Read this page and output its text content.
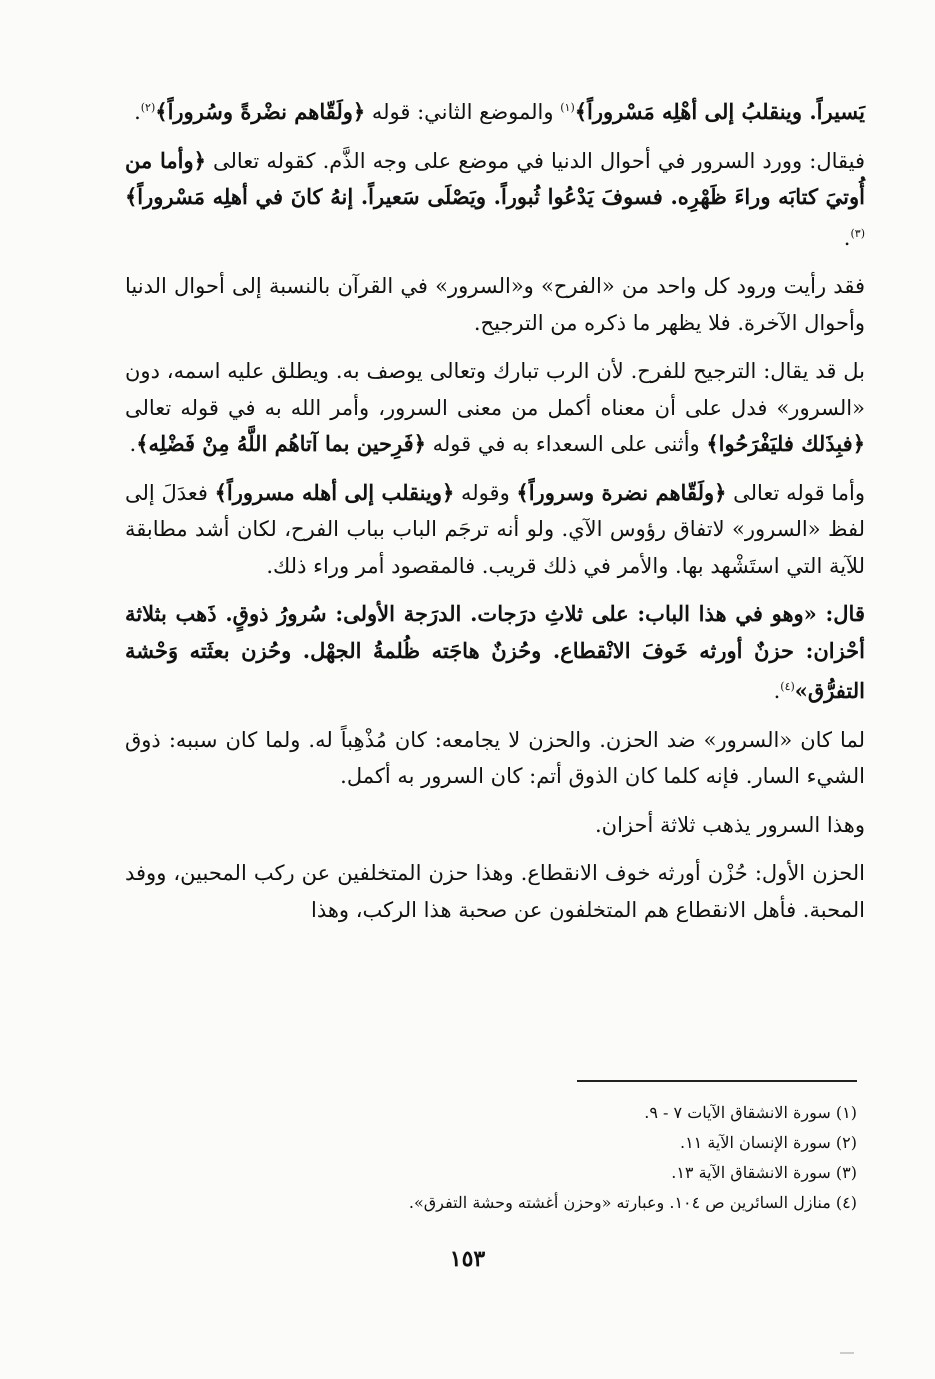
يَسيراً. وينقلبُ إلى أهْلِه مَسْروراً﴾$^{(١)}$ والموضع الثاني: قوله ﴿ولَقّاهم نضْرةً وسُروراً﴾$^{(٢)}$.

فيقال: وورد السرور في أحوال الدنيا في موضع على وجه الذَّم. كقوله تعالى ﴿وأما من أُوتيَ كتابَه وراءَ ظَهْرِه. فسوفَ يَدْعُوا ثُبوراً. ويَصْلَى سَعيراً. إنهُ كانَ في أهلِه مَسْروراً﴾$^{(٣)}$.

فقد رأيت ورود كل واحد من «الفرح» و«السرور» في القرآن بالنسبة إلى أحوال الدنيا وأحوال الآخرة. فلا يظهر ما ذكره من الترجيح.

بل قد يقال: الترجيح للفرح. لأن الرب تبارك وتعالى يوصف به. ويطلق عليه اسمه، دون «السرور» فدل على أن معناه أكمل من معنى السرور، وأمر الله به في قوله تعالى ﴿فبِذَلك فليَفْرَحُوا﴾ وأثنى على السعداء به في قوله ﴿فَرِحين بما آتاهُم اللَّهُ مِنْ فَضْلِه﴾.

وأما قوله تعالى ﴿ولَقّاهم نضرة وسروراً﴾ وقوله ﴿وينقلب إلى أهله مسروراً﴾ فعدَلَ إلى لفظ «السرور» لاتفاق رؤوس الآي. ولو أنه ترجَم الباب بباب الفرح، لكان أشد مطابقة للآية التي استَشْهد بها. والأمر في ذلك قريب. فالمقصود أمر وراء ذلك.

قال: «وهو في هذا الباب: على ثلاثِ درَجات. الدرَجة الأولى: سُرورُ ذوقٍ. ذَهب بثلاثة أحْزان: حزنٌ أورثه خَوفَ الانْقطاع. وحُزنٌ هاجَته ظُلمةُ الجهْل. وحُزن بعثَته وَحْشة التفرُّق»$^{(٤)}$.

لما كان «السرور» ضد الحزن. والحزن لا يجامعه: كان مُذْهِباً له. ولما كان سببه: ذوق الشيء السار. فإنه كلما كان الذوق أتم: كان السرور به أكمل.

وهذا السرور يذهب ثلاثة أحزان.

الحزن الأول: حُزْن أورثه خوف الانقطاع. وهذا حزن المتخلفين عن ركب المحبين، ووفد المحبة. فأهل الانقطاع هم المتخلفون عن صحبة هذا الركب، وهذا

(١) سورة الانشقاق الآيات ٧ - ٩.
(٢) سورة الإنسان الآية ١١.
(٣) سورة الانشقاق الآية ١٣.
(٤) منازل السائرين ص ١٠٤. وعبارته «وحزن أغشته وحشة التفرق».
١٥٣
